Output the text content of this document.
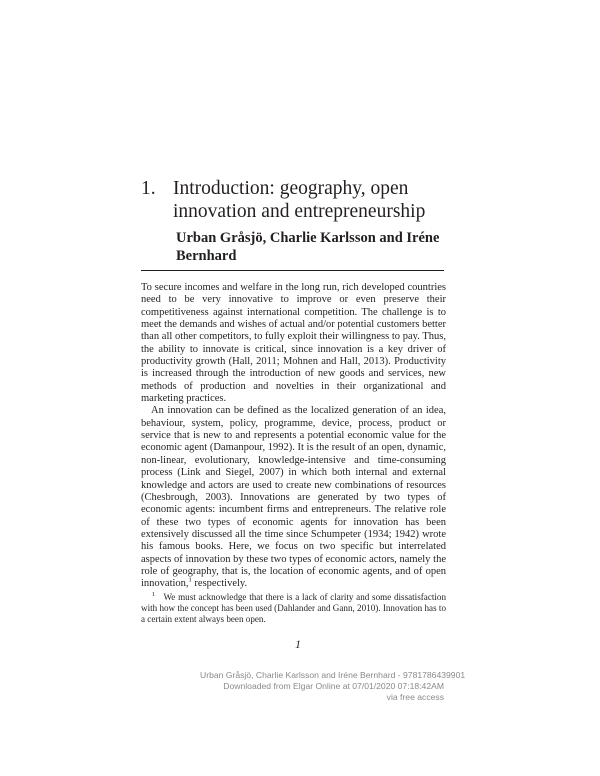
1. Introduction: geography, open innovation and entrepreneurship
Urban Gråsjö, Charlie Karlsson and Iréne Bernhard

To secure incomes and welfare in the long run, rich developed countries need to be very innovative to improve or even preserve their competitiveness against international competition. The challenge is to meet the demands and wishes of actual and/or potential customers better than all other competitors, to fully exploit their willingness to pay. Thus, the ability to innovate is critical, since innovation is a key driver of productivity growth (Hall, 2011; Mohnen and Hall, 2013). Productivity is increased through the introduction of new goods and services, new methods of production and novelties in their organizational and marketing practices.

An innovation can be defined as the localized generation of an idea, behaviour, system, policy, programme, device, process, product or service that is new to and represents a potential economic value for the economic agent (Damanpour, 1992). It is the result of an open, dynamic, non-linear, evolutionary, knowledge-intensive and time-consuming process (Link and Siegel, 2007) in which both internal and external knowledge and actors are used to create new combinations of resources (Chesbrough, 2003). Innovations are generated by two types of economic agents: incumbent firms and entrepreneurs. The relative role of these two types of economic agents for innovation has been extensively discussed all the time since Schumpeter (1934; 1942) wrote his famous books. Here, we focus on two specific but interrelated aspects of innovation by these two types of economic actors, namely the role of geography, that is, the location of economic agents, and of open innovation,$^1$ respectively.

$^1$ We must acknowledge that there is a lack of clarity and some dissatisfaction with how the concept has been used (Dahlander and Gann, 2010). Innovation has to a certain extent always been open.
1
Urban Gråsjö, Charlie Karlsson and Iréne Bernhard - 9781786439901
Downloaded from Elgar Online at 07/01/2020 07:18:42AM
via free access
